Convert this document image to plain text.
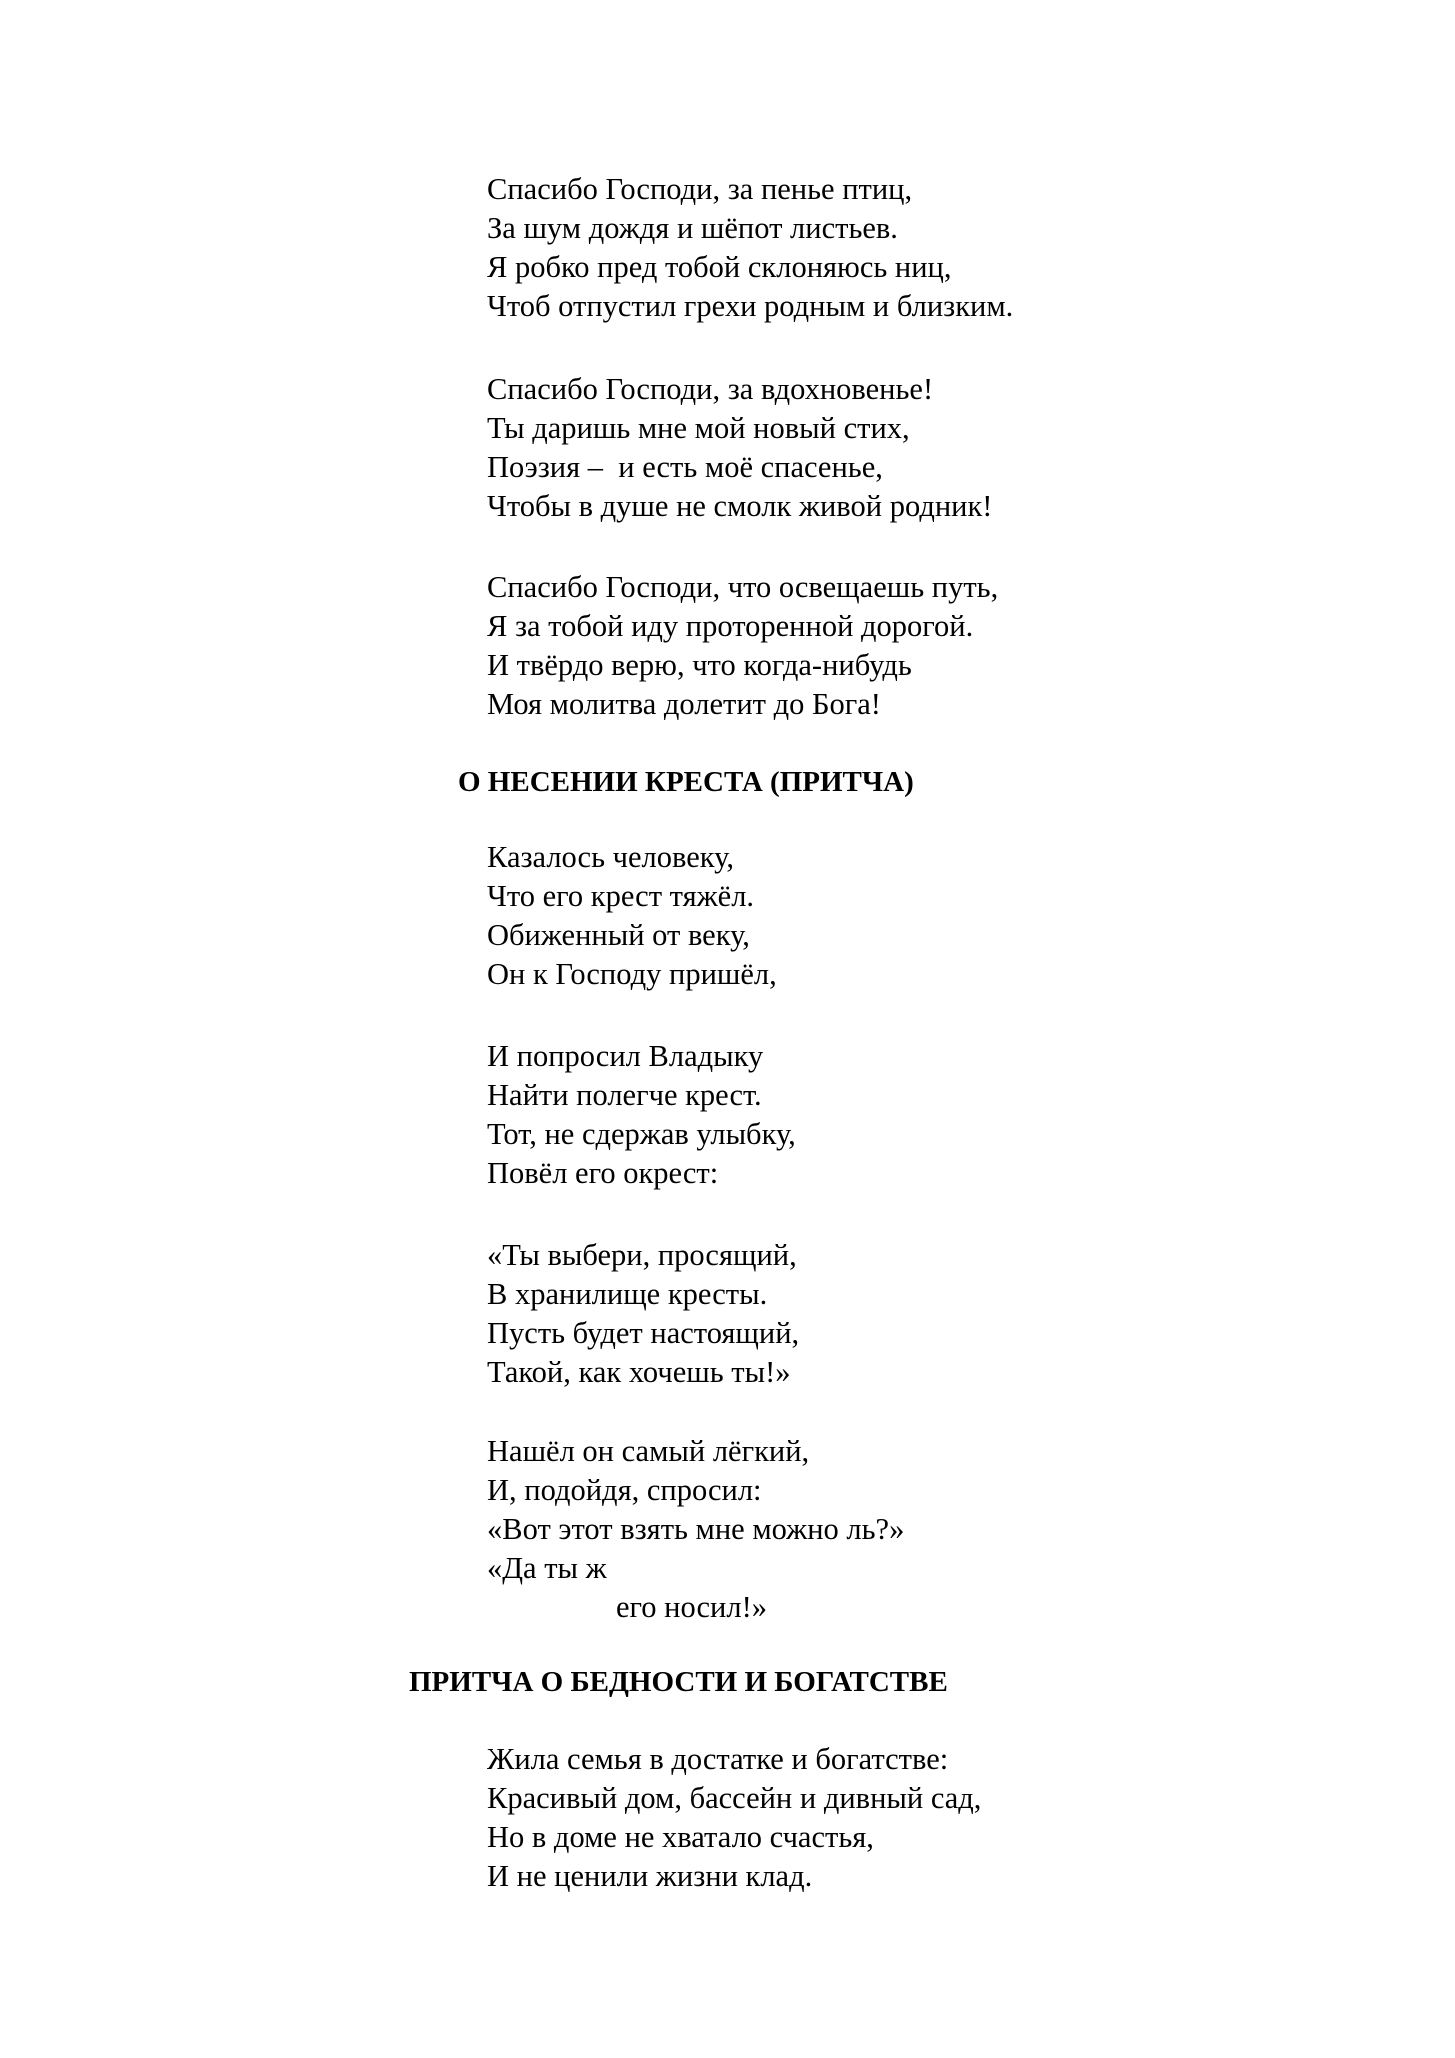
Спасибо Господи, за пенье птиц,
За шум дождя и шёпот листьев.
Я робко пред тобой склоняюсь ниц,
Чтоб отпустил грехи родным и близким.
Спасибо Господи, за вдохновенье!
Ты даришь мне мой новый стих,
Поэзия –  и есть моё спасенье,
Чтобы в душе не смолк живой родник!
Спасибо Господи, что освещаешь путь,
Я за тобой иду проторенной дорогой.
И твёрдо верю, что когда-нибудь
Моя молитва долетит до Бога!
О НЕСЕНИИ КРЕСТА (ПРИТЧА)
Казалось человеку,
Что его крест тяжёл.
Обиженный от веку,
Он к Господу пришёл,
И попросил Владыку
Найти полегче крест.
Тот, не сдержав улыбку,
Повёл его окрест:
«Ты выбери, просящий,
В хранилище кресты.
Пусть будет настоящий,
Такой, как хочешь ты!»
Нашёл он самый лёгкий,
И, подойдя, спросил:
«Вот этот взять мне можно ль?»
«Да ты ж
его носил!»
ПРИТЧА О БЕДНОСТИ И БОГАТСТВЕ
Жила семья в достатке и богатстве:
Красивый дом, бассейн и дивный сад,
Но в доме не хватало счастья,
И не ценили жизни клад.
